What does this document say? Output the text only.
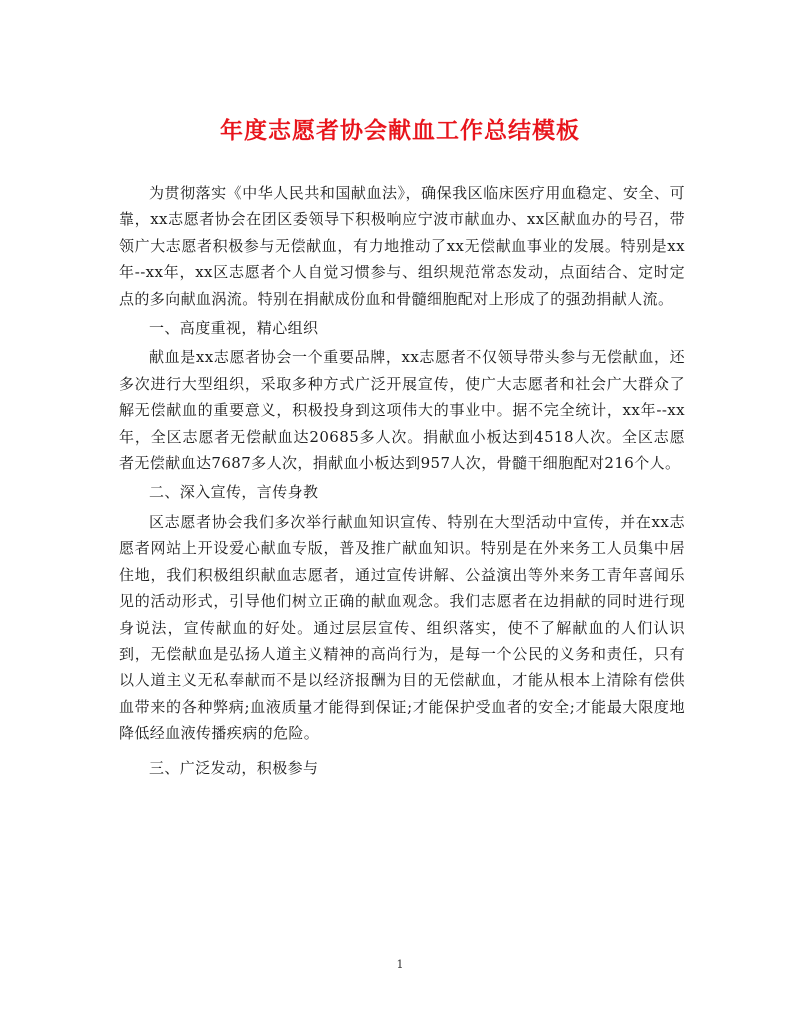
年度志愿者协会献血工作总结模板

为贯彻落实《中华人民共和国献血法》，确保我区临床医疗用血稳定、安全、可靠，xx志愿者协会在团区委领导下积极响应宁波市献血办、xx区献血办的号召，带领广大志愿者积极参与无偿献血，有力地推动了xx无偿献血事业的发展。特别是xx年--xx年，xx区志愿者个人自觉习惯参与、组织规范常态发动，点面结合、定时定点的多向献血涡流。特别在捐献成份血和骨髓细胞配对上形成了的强劲捐献人流。

一、高度重视，精心组织

献血是xx志愿者协会一个重要品牌，xx志愿者不仅领导带头参与无偿献血，还多次进行大型组织，采取多种方式广泛开展宣传，使广大志愿者和社会广大群众了解无偿献血的重要意义，积极投身到这项伟大的事业中。据不完全统计，xx年--xx年，全区志愿者无偿献血达20685多人次。捐献血小板达到4518人次。全区志愿者无偿献血达7687多人次，捐献血小板达到957人次，骨髓干细胞配对216个人。

二、深入宣传，言传身教

区志愿者协会我们多次举行献血知识宣传、特别在大型活动中宣传，并在xx志愿者网站上开设爱心献血专版，普及推广献血知识。特别是在外来务工人员集中居住地，我们积极组织献血志愿者，通过宣传讲解、公益演出等外来务工青年喜闻乐见的活动形式，引导他们树立正确的献血观念。我们志愿者在边捐献的同时进行现身说法，宣传献血的好处。通过层层宣传、组织落实，使不了解献血的人们认识到，无偿献血是弘扬人道主义精神的高尚行为，是每一个公民的义务和责任，只有以人道主义无私奉献而不是以经济报酬为目的无偿献血，才能从根本上清除有偿供血带来的各种弊病;血液质量才能得到保证;才能保护受血者的安全;才能最大限度地降低经血液传播疾病的危险。

三、广泛发动，积极参与

1
